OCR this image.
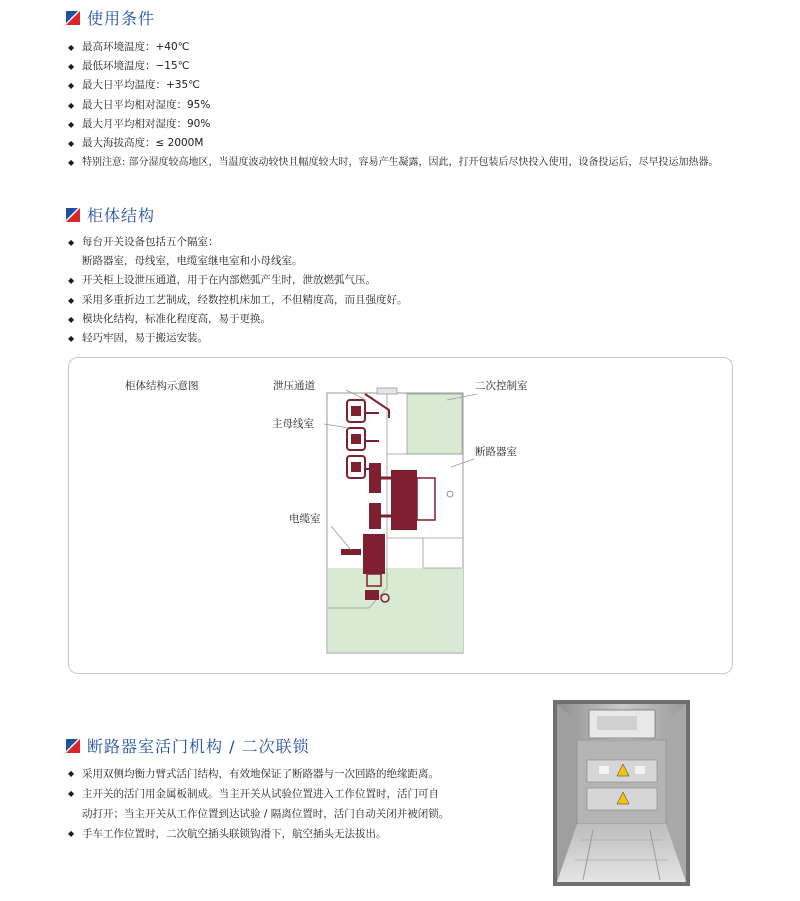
使用条件
◆ 最高环境温度：+40℃
◆ 最低环境温度：−15℃
◆ 最大日平均温度：+35℃
◆ 最大日平均相对湿度：95%
◆ 最大月平均相对湿度：90%
◆ 最大海拔高度：≤ 2000M
◆ 特别注意: 部分湿度较高地区，当温度波动较快且幅度较大时，容易产生凝露，因此，打开包装后尽快投入使用，设备投运后，尽早投运加热器。
柜体结构
◆ 每台开关设备包括五个隔室：
断路器室，母线室，电缆室继电室和小母线室。
◆ 开关柜上设泄压通道，用于在内部燃弧产生时，泄放燃弧气压。
◆ 采用多重折边工艺制成，经数控机床加工，不但精度高，而且强度好。
◆ 模块化结构，标准化程度高，易于更换。
◆ 轻巧牢固，易于搬运安装。
柜体结构示意图	泄压通道	二次控制室
主母线室
断路器室
电缆室
断路器室活门机构 / 二次联锁
◆ 采用双侧均衡力臂式活门结构，有效地保证了断路器与一次回路的绝缘距离。
◆ 主开关的活门用金属板制成。当主开关从试验位置进入工作位置时，活门可自
动打开；当主开关从工作位置到达试验 / 隔离位置时，活门自动关闭并被闭锁。
◆ 手车工作位置时，二次航空插头联锁钩滑下，航空插头无法拔出。
